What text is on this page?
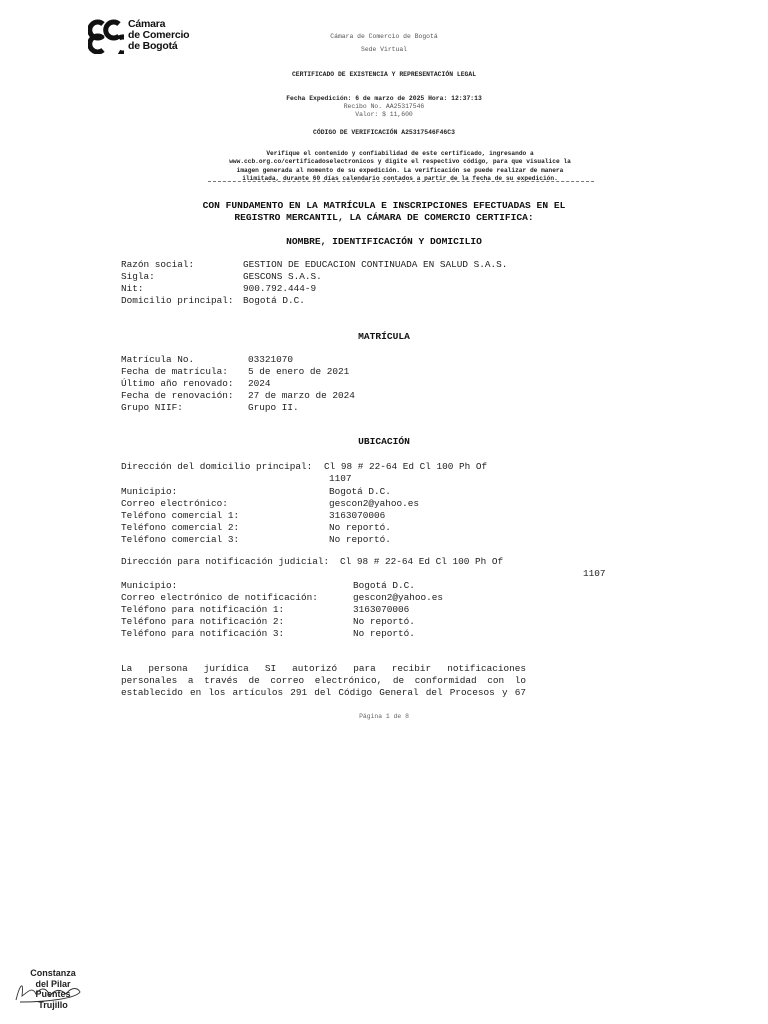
Cámara
de Comercio
de Bogotá
Cámara de Comercio de Bogotá
Sede Virtual
CERTIFICADO DE EXISTENCIA Y REPRESENTACIÓN LEGAL
Fecha Expedición: 6 de marzo de 2025 Hora: 12:37:13
Recibo No. AA25317546
Valor: $ 11,600
CÓDIGO DE VERIFICACIÓN A25317546F46C3
Verifique el contenido y confiabilidad de este certificado, ingresando a
www.ccb.org.co/certificadoselectronicos y digite el respectivo código, para que visualice la
imagen generada al momento de su expedición. La verificación se puede realizar de manera
ilimitada, durante 60 días calendario contados a partir de la fecha de su expedición.
CON FUNDAMENTO EN LA MATRÍCULA E INSCRIPCIONES EFECTUADAS EN EL
REGISTRO MERCANTIL, LA CÁMARA DE COMERCIO CERTIFICA:
NOMBRE, IDENTIFICACIÓN Y DOMICILIO
Razón social:	GESTION DE EDUCACION CONTINUADA EN SALUD S.A.S.
Sigla:	GESCONS S.A.S.
Nit:	900.792.444-9
Domicilio principal: Bogotá D.C.
MATRÍCULA
Matrícula No.	03321070
Fecha de matrícula: 5 de enero de 2021
Último año renovado: 2024
Fecha de renovación: 27 de marzo de 2024
Grupo NIIF:	Grupo II.
UBICACIÓN

Dirección del domicilio principal:

Cl 98 # 22-64 Ed Cl 100 Ph Of

1107

Municipio:	Bogotá D.C.
Correo electrónico:	gescon2@yahoo.es
Teléfono comercial 1:	3163070006
Teléfono comercial 2:	No reportó.
Teléfono comercial 3:	No reportó.

Dirección para notificación judicial:

Cl 98 # 22-64 Ed Cl 100 Ph Of

1107
Municipio:	Bogotá D.C.
Correo electrónico de notificación:	gescon2@yahoo.es
Teléfono para notificación 1:	3163070006
Teléfono para notificación 2:	No reportó.
Teléfono para notificación 3:	No reportó.
La persona jurídica SI autorizó para recibir notificaciones
personales a través de correo electrónico, de conformidad con lo
establecido en los artículos 291 del Código General del Procesos y 67
Página 1 de 8
Constanza
del Pilar
Puentes
Trujillo
